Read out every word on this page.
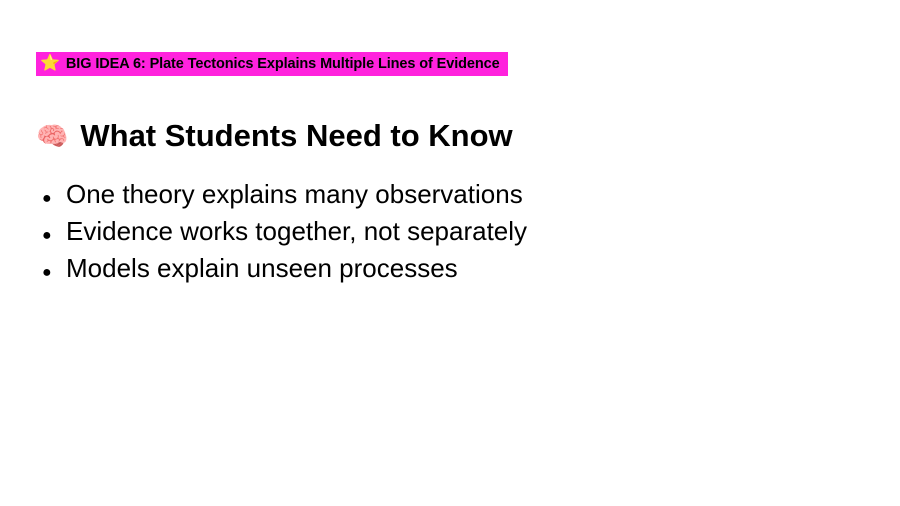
⭐ BIG IDEA 6: Plate Tectonics Explains Multiple Lines of Evidence
🧠 What Students Need to Know
● One theory explains many observations
● Evidence works together, not separately
● Models explain unseen processes
